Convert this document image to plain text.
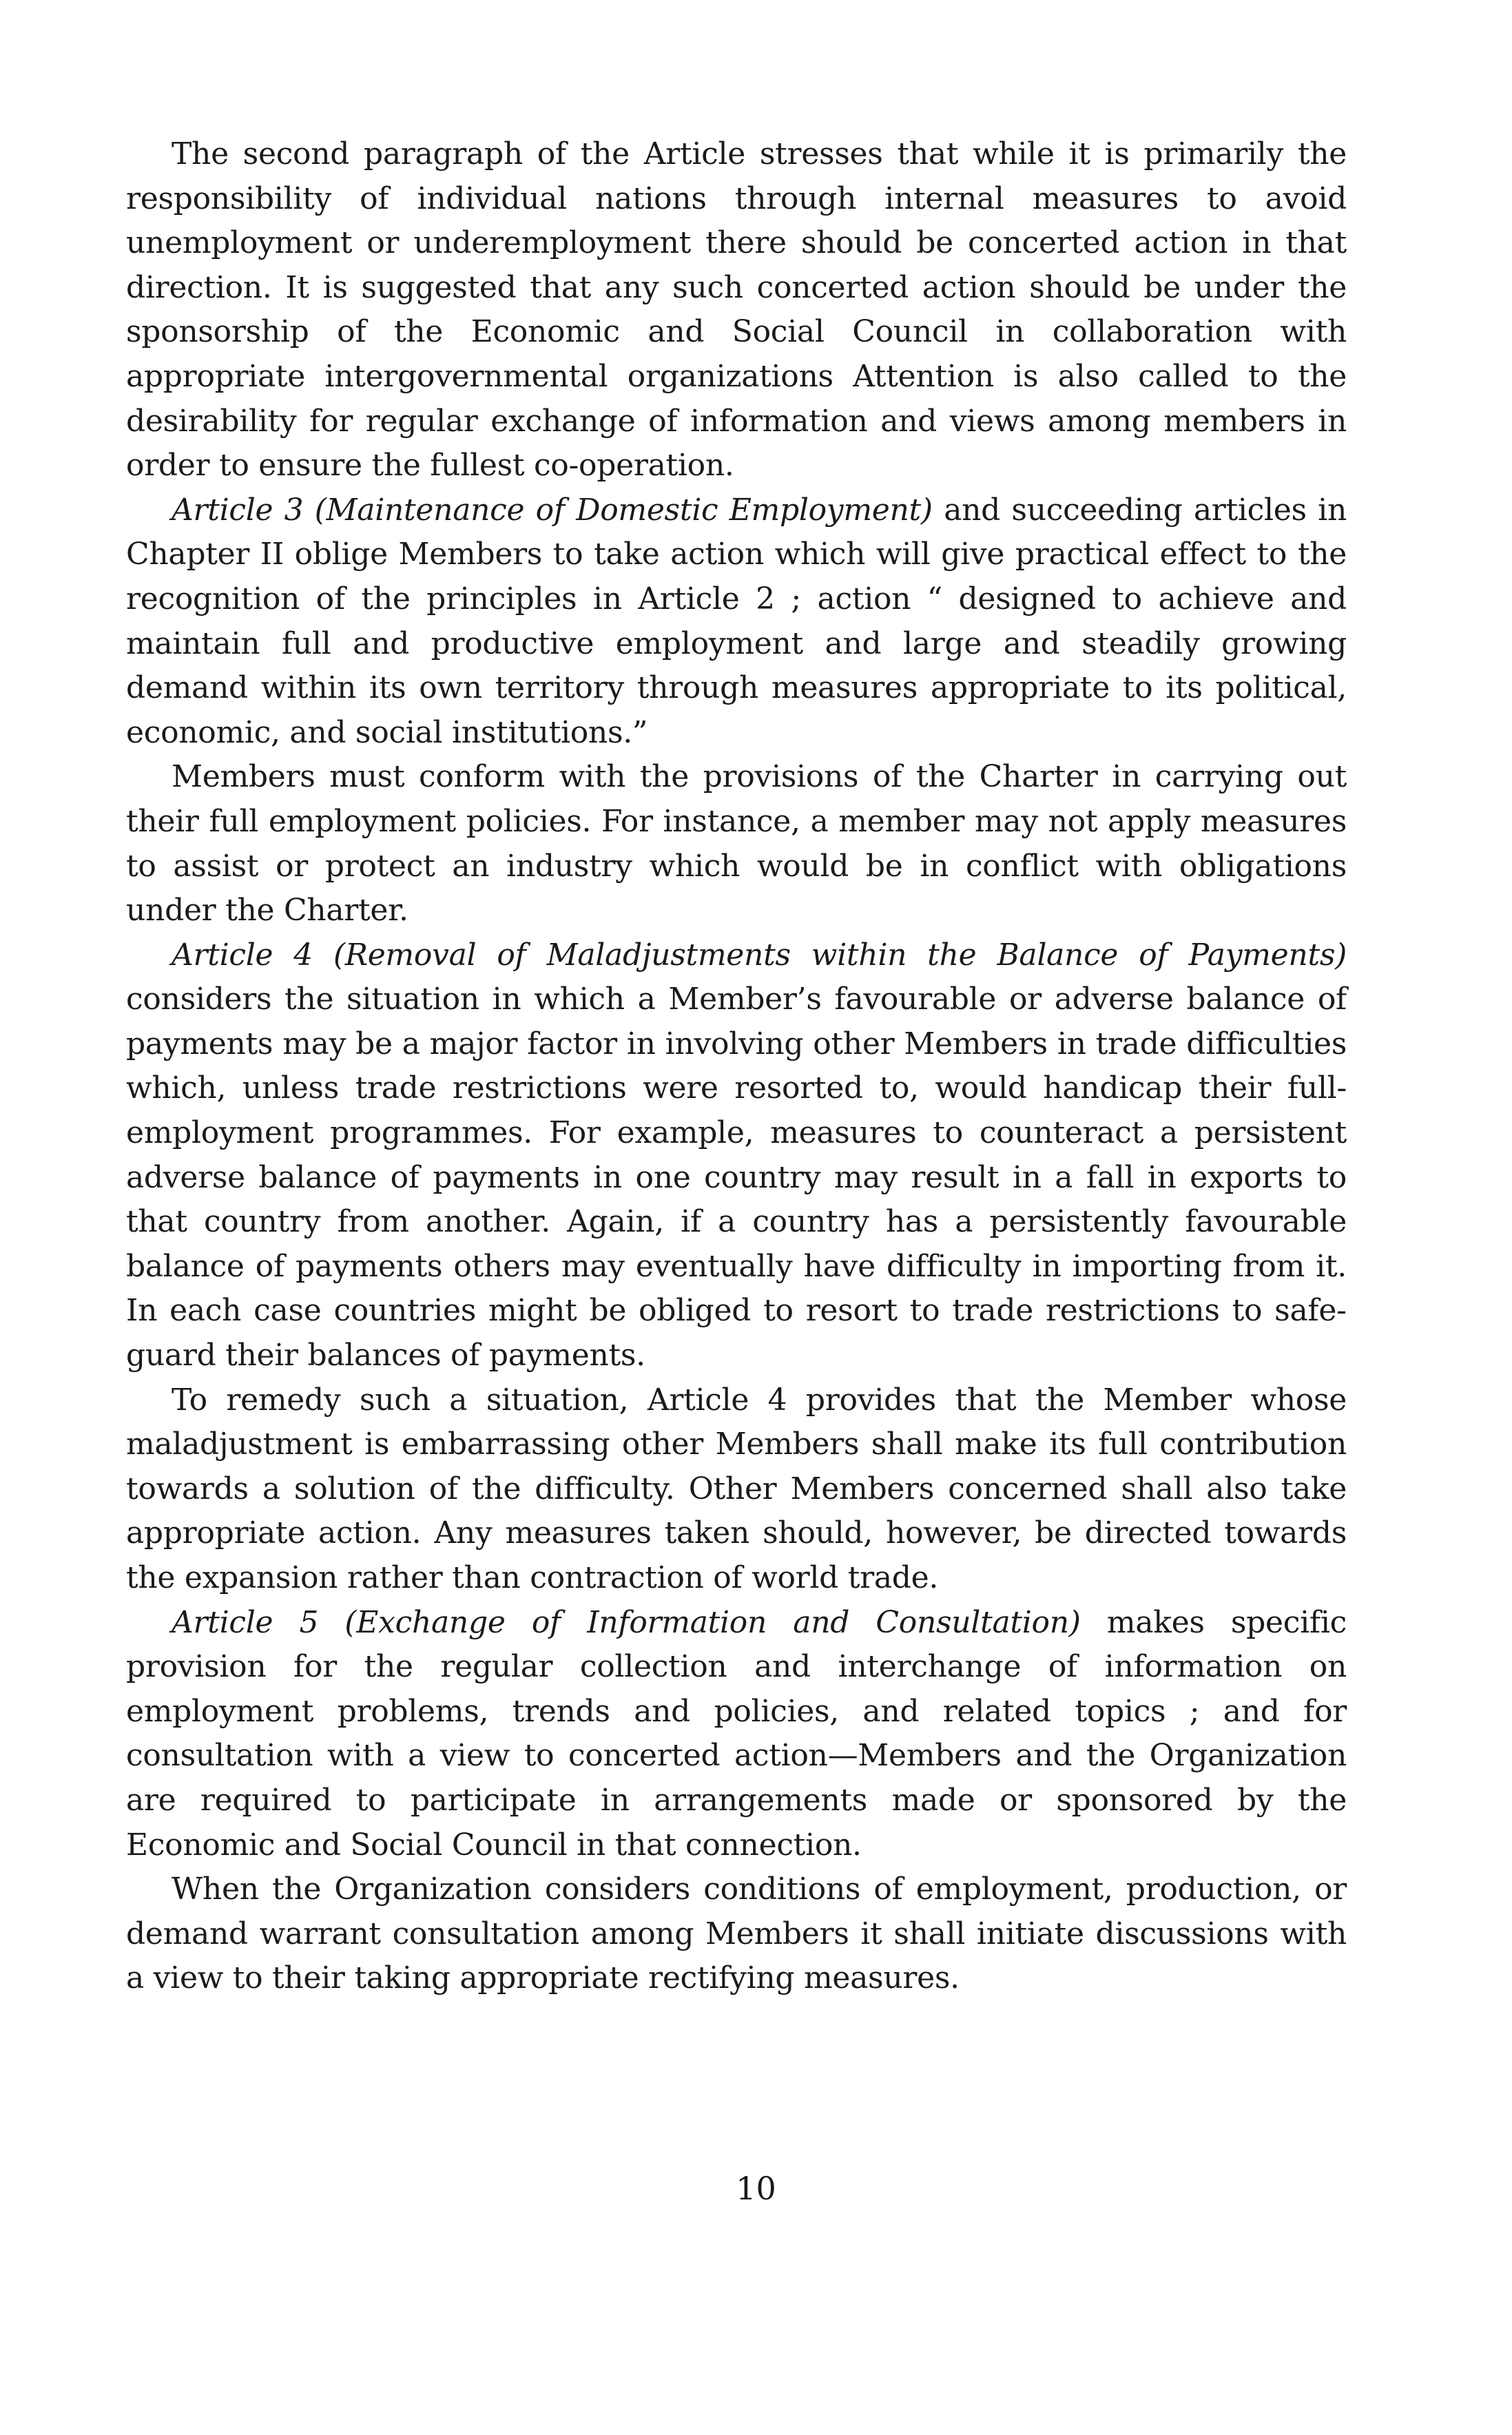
The second paragraph of the Article stresses that while it is primarily the responsibility of individual nations through internal measures to avoid unemployment or underemployment there should be concerted action in that direction. It is suggested that any such concerted action should be under the sponsorship of the Economic and Social Council in collaboration with appropriate intergovernmental organizations Attention is also called to the desirability for regular exchange of information and views among members in order to ensure the fullest co-operation.

Article 3 (Maintenance of Domestic Employment) and succeeding articles in Chapter II oblige Members to take action which will give practical effect to the recognition of the principles in Article 2 ; action “ designed to achieve and maintain full and productive employment and large and steadily growing demand within its own territory through measures appropriate to its political, economic, and social institutions.”

Members must conform with the provisions of the Charter in carrying out their full employment policies. For instance, a member may not apply measures to assist or protect an industry which would be in conflict with obligations under the Charter.

Article 4 (Removal of Maladjustments within the Balance of Payments) considers the situation in which a Member’s favourable or adverse balance of payments may be a major factor in involving other Members in trade difficulties which, unless trade restrictions were resorted to, would handicap their full-employment programmes. For example, measures to counteract a persistent adverse balance of payments in one country may result in a fall in exports to that country from another. Again, if a country has a persistently favourable balance of payments others may eventually have difficulty in importing from it. In each case countries might be obliged to resort to trade restrictions to safeguard their balances of payments.

To remedy such a situation, Article 4 provides that the Member whose maladjustment is embarrassing other Members shall make its full contribution towards a solution of the difficulty. Other Members concerned shall also take appropriate action. Any measures taken should, however, be directed towards the expansion rather than contraction of world trade.

Article 5 (Exchange of Information and Consultation) makes specific provision for the regular collection and interchange of information on employment problems, trends and policies, and related topics ; and for consultation with a view to concerted action—Members and the Organization are required to participate in arrangements made or sponsored by the Economic and Social Council in that connection.

When the Organization considers conditions of employment, production, or demand warrant consultation among Members it shall initiate discussions with a view to their taking appropriate rectifying measures.

10
